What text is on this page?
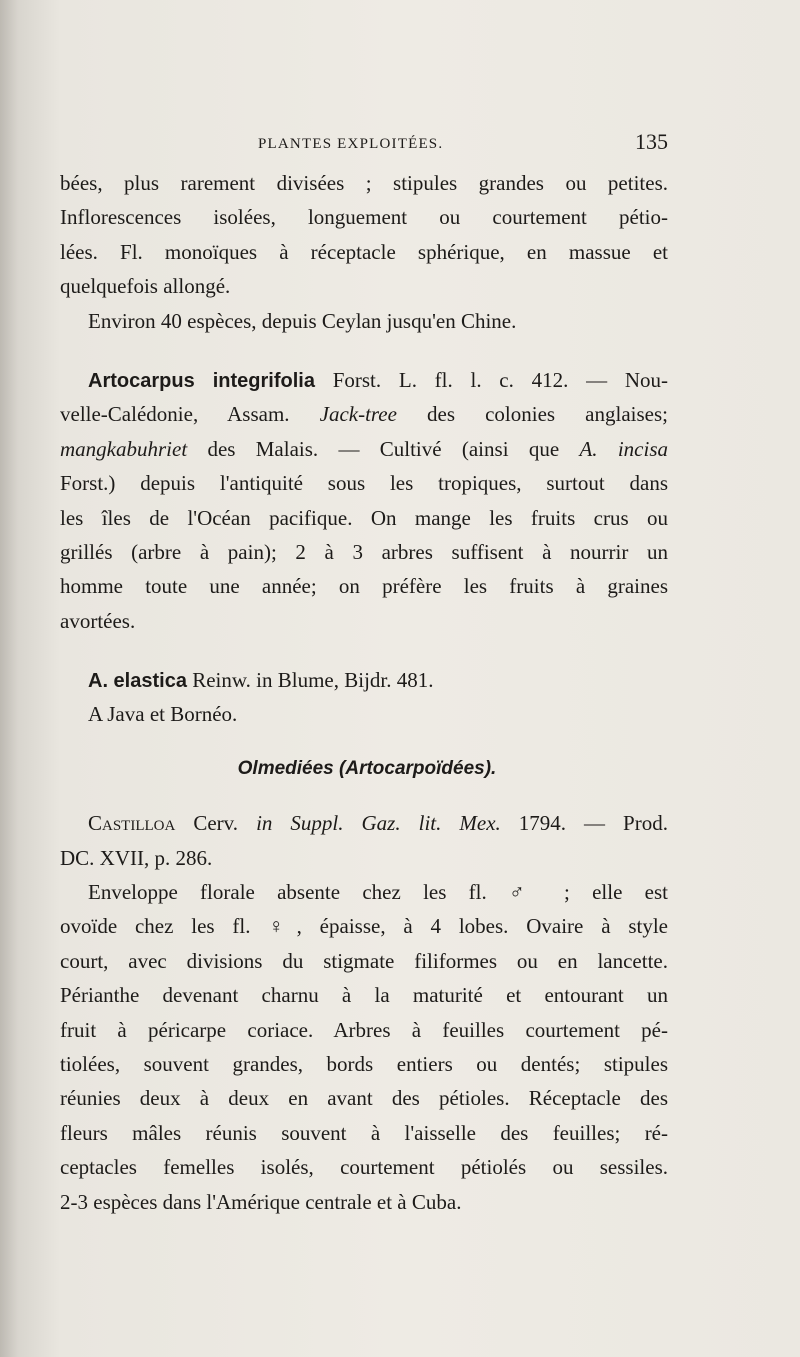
PLANTES EXPLOITÉES.	135
bées, plus rarement divisées ; stipules grandes ou petites.
Inflorescences isolées, longuement ou courtement pétio-
lées. Fl. monoïques à réceptacle sphérique, en massue et
quelquefois allongé.
Environ 40 espèces, depuis Ceylan jusqu'en Chine.
Artocarpus integrifolia Forst. L. fl. l. c. 412. — Nou-
velle-Calédonie, Assam. Jack-tree des colonies anglaises;
mangkabuhriet des Malais. — Cultivé (ainsi que A. incisa
Forst.) depuis l'antiquité sous les tropiques, surtout dans
les îles de l'Océan pacifique. On mange les fruits crus ou
grillés (arbre à pain); 2 à 3 arbres suffisent à nourrir un
homme toute une année; on préfère les fruits à graines
avortées.
A. elastica Reinw. in Blume, Bijdr. 481.
A Java et Bornéo.
Olmediées (Artocarpoïdées).
Castilloa Cerv. in Suppl. Gaz. lit. Mex. 1794. — Prod.
DC. XVII, p. 286.
Enveloppe florale absente chez les fl. ♂ ; elle est
ovoïde chez les fl. ♀, épaisse, à 4 lobes. Ovaire à style
court, avec divisions du stigmate filiformes ou en lancette.
Périanthe devenant charnu à la maturité et entourant un
fruit à péricarpe coriace. Arbres à feuilles courtement pé-
tiolées, souvent grandes, bords entiers ou dentés; stipules
réunies deux à deux en avant des pétioles. Réceptacle des
fleurs mâles réunis souvent à l'aisselle des feuilles; ré-
ceptacles femelles isolés, courtement pétiolés ou sessiles.
2-3 espèces dans l'Amérique centrale et à Cuba.
